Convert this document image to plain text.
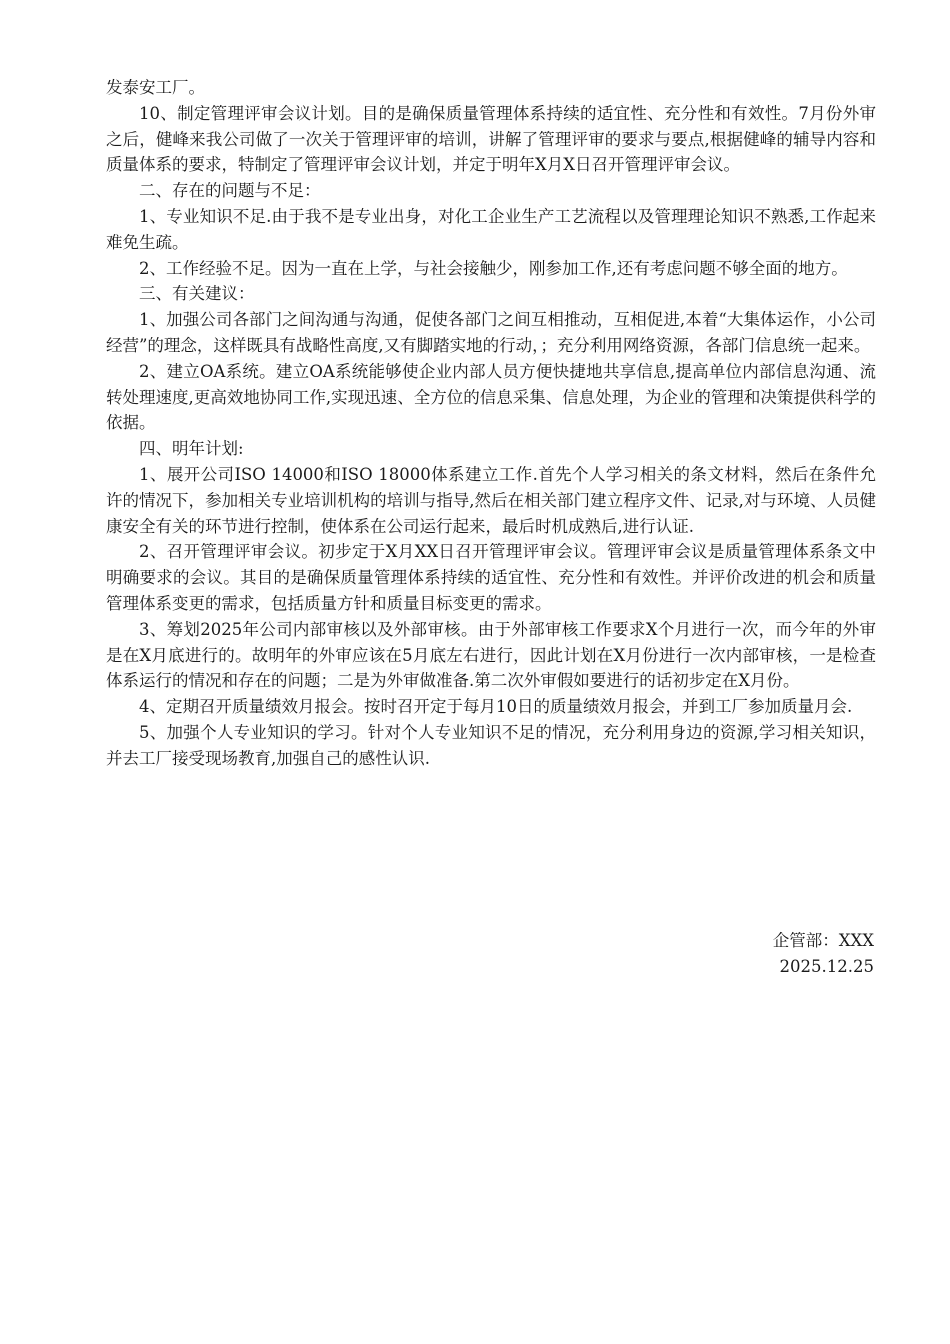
发泰安工厂。

10、制定管理评审会议计划。目的是确保质量管理体系持续的适宜性、充分性和有效性。7月份外审之后，健峰来我公司做了一次关于管理评审的培训，讲解了管理评审的要求与要点,根据健峰的辅导内容和质量体系的要求，特制定了管理评审会议计划，并定于明年X月X日召开管理评审会议。

二、存在的问题与不足：

1、专业知识不足.由于我不是专业出身，对化工企业生产工艺流程以及管理理论知识不熟悉,工作起来难免生疏。

2、工作经验不足。因为一直在上学，与社会接触少，刚参加工作,还有考虑问题不够全面的地方。

三、有关建议：

1、加强公司各部门之间沟通与沟通，促使各部门之间互相推动，互相促进,本着“大集体运作，小公司经营”的理念，这样既具有战略性高度,又有脚踏实地的行动，；充分利用网络资源，各部门信息统一起来。

2、建立OA系统。建立OA系统能够使企业内部人员方便快捷地共享信息,提高单位内部信息沟通、流转处理速度,更高效地协同工作,实现迅速、全方位的信息采集、信息处理，为企业的管理和决策提供科学的依据。

四、明年计划:

1、展开公司ISO 14000和ISO 18000体系建立工作.首先个人学习相关的条文材料，然后在条件允许的情况下，参加相关专业培训机构的培训与指导,然后在相关部门建立程序文件、记录,对与环境、人员健康安全有关的环节进行控制，使体系在公司运行起来，最后时机成熟后,进行认证.

2、召开管理评审会议。初步定于X月XX日召开管理评审会议。管理评审会议是质量管理体系条文中明确要求的会议。其目的是确保质量管理体系持续的适宜性、充分性和有效性。并评价改进的机会和质量管理体系变更的需求，包括质量方针和质量目标变更的需求。

3、筹划2025年公司内部审核以及外部审核。由于外部审核工作要求X个月进行一次，而今年的外审是在X月底进行的。故明年的外审应该在5月底左右进行，因此计划在X月份进行一次内部审核，一是检查体系运行的情况和存在的问题；二是为外审做准备.第二次外审假如要进行的话初步定在X月份。

4、定期召开质量绩效月报会。按时召开定于每月10日的质量绩效月报会，并到工厂参加质量月会.

5、加强个人专业知识的学习。针对个人专业知识不足的情况，充分利用身边的资源,学习相关知识，并去工厂接受现场教育,加强自己的感性认识.

企管部：XXX
2025.12.25
